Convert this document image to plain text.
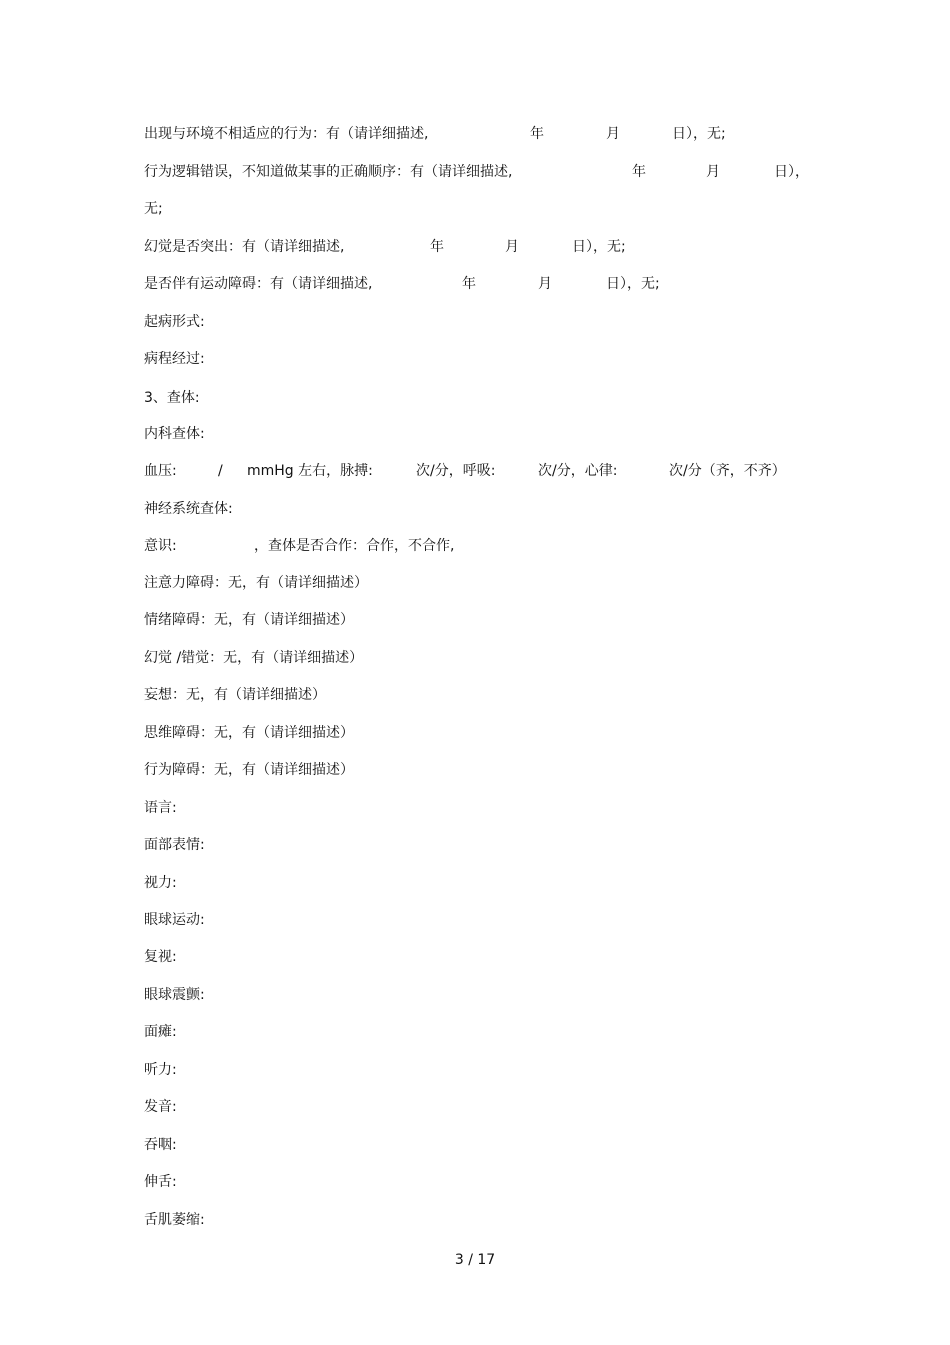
出现与环境不相适应的行为：有（请详细描述,	年	月	日），无;
行为逻辑错误，不知道做某事的正确顺序：有（请详细描述,	年	月	日），
无;
幻觉是否突出：有（请详细描述,	年	月	日），无;
是否伴有运动障碍：有（请详细描述,	年	月	日），无;
起病形式:
病程经过:
3、查体:
内科查体:
血压:	/ mmHg 左右，脉搏:	次/分，呼吸:	次/分，心律:	次/分（齐，不齐）
神经系统查体:
意识:	，查体是否合作：合作，不合作,
注意力障碍：无，有（请详细描述）
情绪障碍：无，有（请详细描述）
幻觉 /错觉：无，有（请详细描述）
妄想：无，有（请详细描述）
思维障碍：无，有（请详细描述）
行为障碍：无，有（请详细描述）
语言:
面部表情:
视力:
眼球运动:
复视:
眼球震颤:
面瘫:
听力:
发音:
吞咽:
伸舌:
舌肌萎缩:
3 / 17
